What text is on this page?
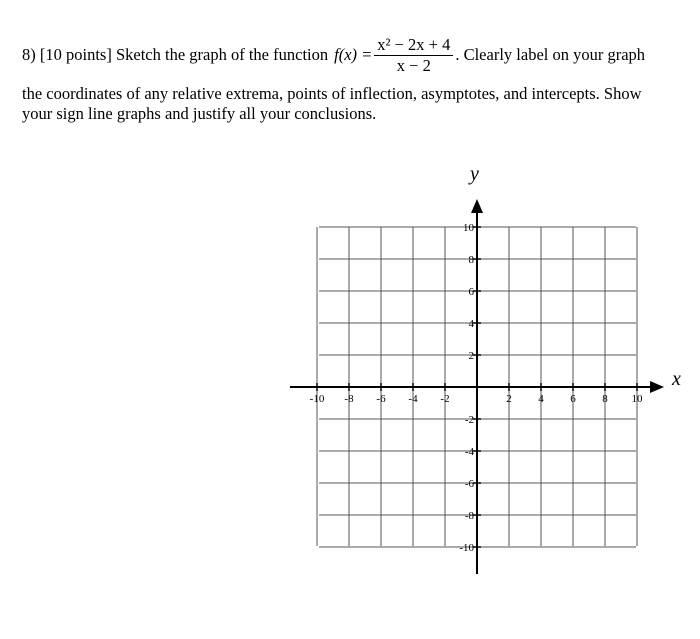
8)
[10 points]
Sketch the graph of the function $f(x) = \frac{\text{x² − 2x + 4}}{x - 2}$ . Clearly label on your graph
the coordinates of any relative extrema, points of inflection, asymptotes, and intercepts. Show
your sign line graphs and justify all your conclusions.
-10 -8 -6 -4 -2	2 4 6 8 10
10
8
6
4
2
-2
-4
-6
-8
-10
x
y
